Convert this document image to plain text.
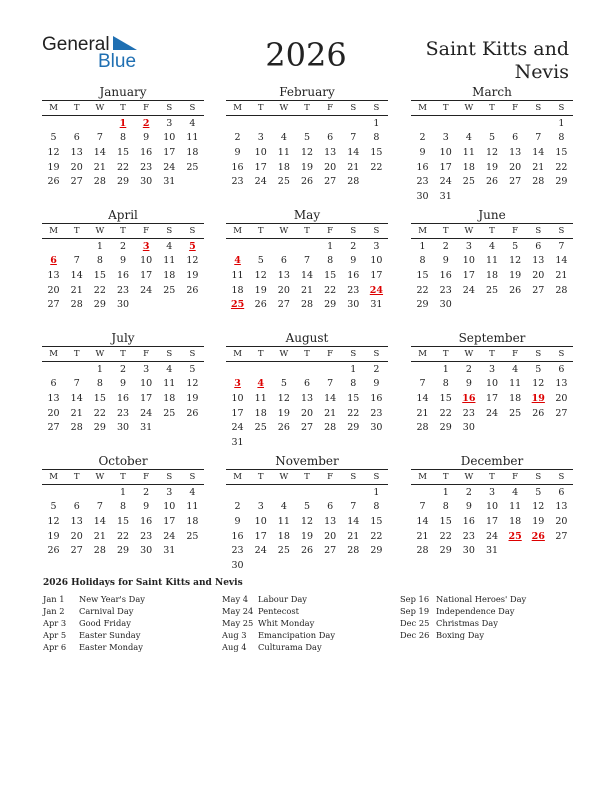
General
Blue	2026	Saint Kitts and
Nevis
January
M	T	W	T	F	S	S
			1	2	3	4
5	6	7	8	9	10	11
12	13	14	15	16	17	18
19	20	21	22	23	24	25
26	27	28	29	30	31	
February
M	T	W	T	F	S	S
						1
2	3	4	5	6	7	8
9	10	11	12	13	14	15
16	17	18	19	20	21	22
23	24	25	26	27	28	
March
M	T	W	T	F	S	S
						1
2	3	4	5	6	7	8
9	10	11	12	13	14	15
16	17	18	19	20	21	22
23	24	25	26	27	28	29
30	31					
April
M	T	W	T	F	S	S
		1	2	3	4	5
6	7	8	9	10	11	12
13	14	15	16	17	18	19
20	21	22	23	24	25	26
27	28	29	30			
May
M	T	W	T	F	S	S
				1	2	3
4	5	6	7	8	9	10
11	12	13	14	15	16	17
18	19	20	21	22	23	24
25	26	27	28	29	30	31
June
M	T	W	T	F	S	S
1	2	3	4	5	6	7
8	9	10	11	12	13	14
15	16	17	18	19	20	21
22	23	24	25	26	27	28
29	30					
July
M	T	W	T	F	S	S
		1	2	3	4	5
6	7	8	9	10	11	12
13	14	15	16	17	18	19
20	21	22	23	24	25	26
27	28	29	30	31		
August
M	T	W	T	F	S	S
					1	2
3	4	5	6	7	8	9
10	11	12	13	14	15	16
17	18	19	20	21	22	23
24	25	26	27	28	29	30
31						
September
M	T	W	T	F	S	S
	1	2	3	4	5	6
7	8	9	10	11	12	13
14	15	16	17	18	19	20
21	22	23	24	25	26	27
28	29	30				
October
M	T	W	T	F	S	S
			1	2	3	4
5	6	7	8	9	10	11
12	13	14	15	16	17	18
19	20	21	22	23	24	25
26	27	28	29	30	31	
November
M	T	W	T	F	S	S
						1
2	3	4	5	6	7	8
9	10	11	12	13	14	15
16	17	18	19	20	21	22
23	24	25	26	27	28	29
30						
December
M	T	W	T	F	S	S
	1	2	3	4	5	6
7	8	9	10	11	12	13
14	15	16	17	18	19	20
21	22	23	24	25	26	27
28	29	30	31			
2026 Holidays for Saint Kitts and Nevis
Jan 1 New Year's Day
Jan 2 Carnival Day
Apr 3 Good Friday
Apr 5 Easter Sunday
Apr 6 Easter Monday
May 4 Labour Day
May 24 Pentecost
May 25 Whit Monday
Aug 3 Emancipation Day
Aug 4 Culturama Day
Sep 16 National Heroes' Day
Sep 19 Independence Day
Dec 25 Christmas Day
Dec 26 Boxing Day
